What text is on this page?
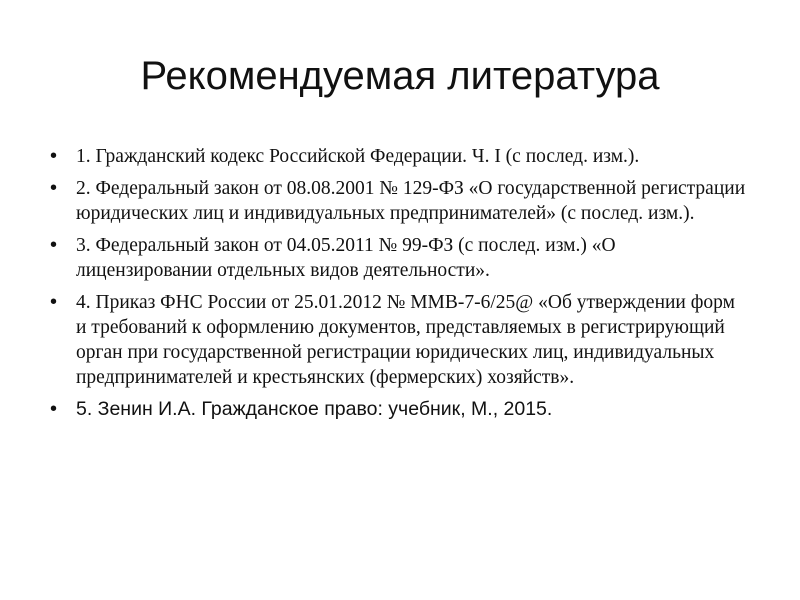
Рекомендуемая литература
• 1. Гражданский кодекс Российской Федерации. Ч. I (с послед. изм.).
• 2. Федеральный закон от 08.08.2001 № 129-ФЗ «О государственной регистрации юридических лиц и индивидуальных предпринимателей» (с послед. изм.).
• 3. Федеральный закон от 04.05.2011 № 99-ФЗ (с послед. изм.) «О лицензировании отдельных видов деятельности».
• 4. Приказ ФНС России от 25.01.2012 № ММВ-7-6/25@ «Об утверждении форм и требований к оформлению документов, представляемых в регистрирующий орган при государственной регистрации юридических лиц, индивидуальных предпринимателей и крестьянских (фермерских) хозяйств».
• 5. Зенин И.А. Гражданское право: учебник, М., 2015.
